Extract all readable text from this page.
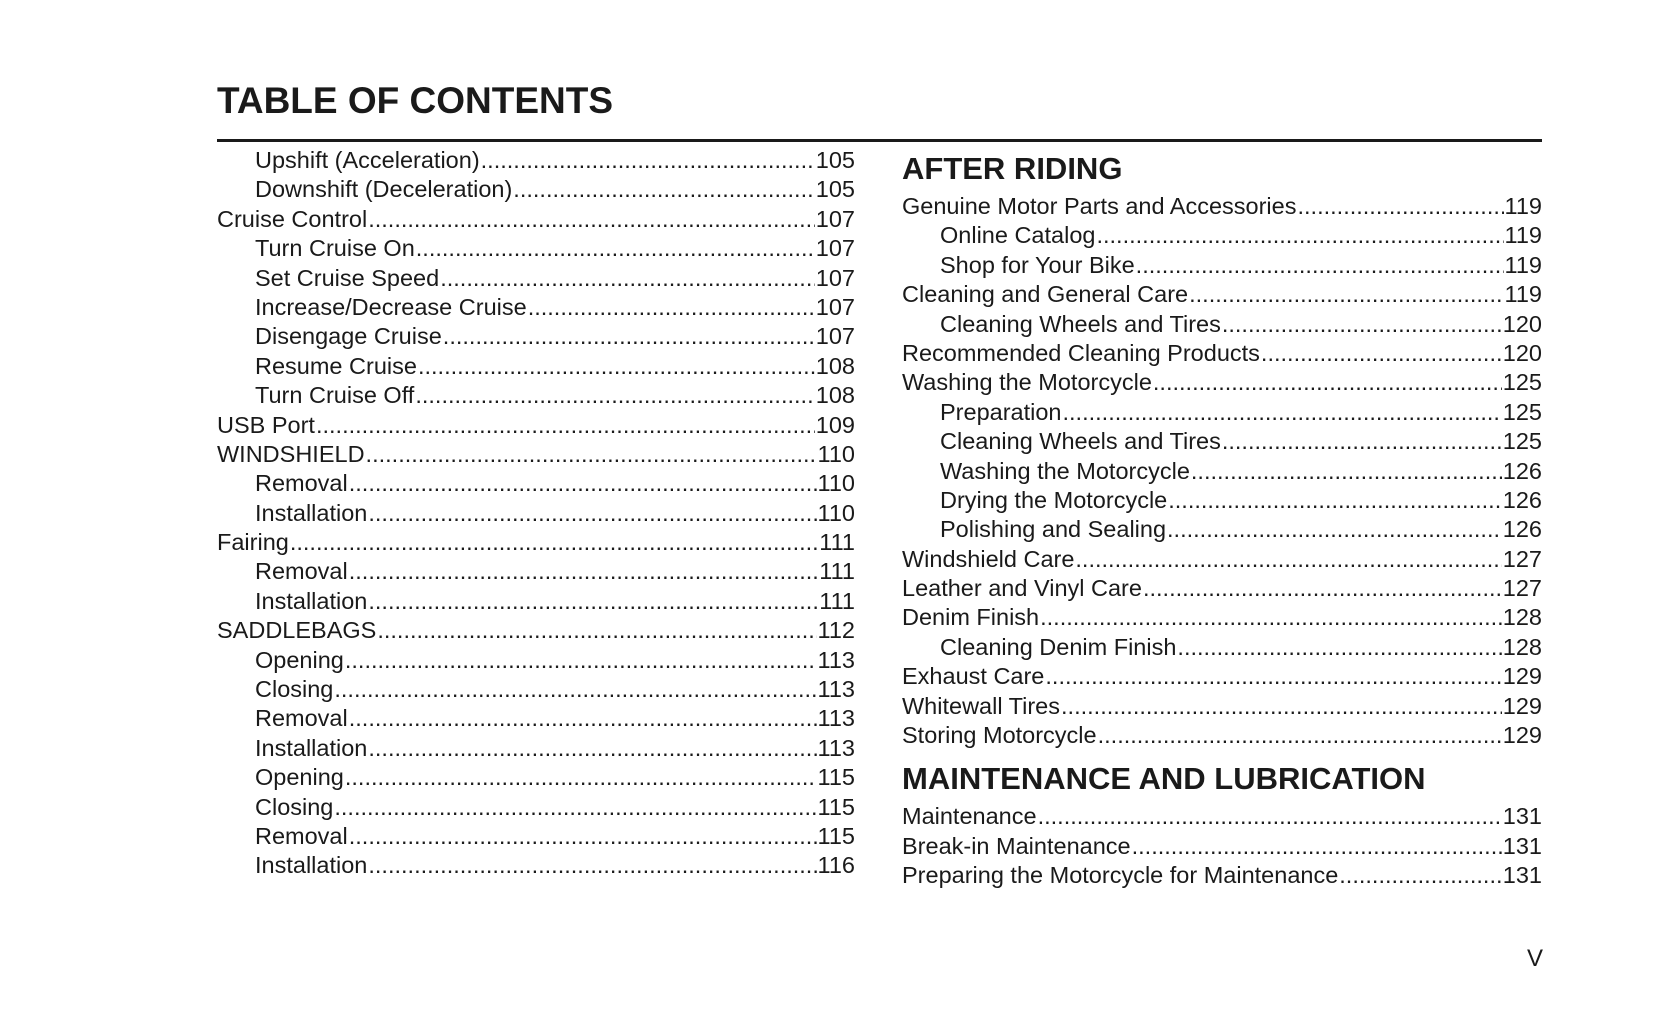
TABLE OF CONTENTS
Upshift (Acceleration) .....	105
Downshift (Deceleration) .....	105
Cruise Control .....	107
Turn Cruise On .....	107
Set Cruise Speed .....	107
Increase/Decrease Cruise .....	107
Disengage Cruise .....	107
Resume Cruise .....	108
Turn Cruise Off .....	108
USB Port .....	109
WINDSHIELD .....	110
Removal .....	110
Installation .....	110
Fairing .....	111
Removal .....	111
Installation .....	111
SADDLEBAGS .....	112
Opening .....	113
Closing .....	113
Removal .....	113
Installation .....	113
Opening .....	115
Closing .....	115
Removal .....	115
Installation .....	116
AFTER RIDING
Genuine Motor Parts and Accessories .....	119
Online Catalog .....	119
Shop for Your Bike .....	119
Cleaning and General Care .....	119
Cleaning Wheels and Tires .....	120
Recommended Cleaning Products .....	120
Washing the Motorcycle .....	125
Preparation .....	125
Cleaning Wheels and Tires .....	125
Washing the Motorcycle .....	126
Drying the Motorcycle .....	126
Polishing and Sealing .....	126
Windshield Care .....	127
Leather and Vinyl Care .....	127
Denim Finish .....	128
Cleaning Denim Finish .....	128
Exhaust Care .....	129
Whitewall Tires .....	129
Storing Motorcycle .....	129
MAINTENANCE AND LUBRICATION
Maintenance .....	131
Break-in Maintenance .....	131
Preparing the Motorcycle for Maintenance .....	131
V
